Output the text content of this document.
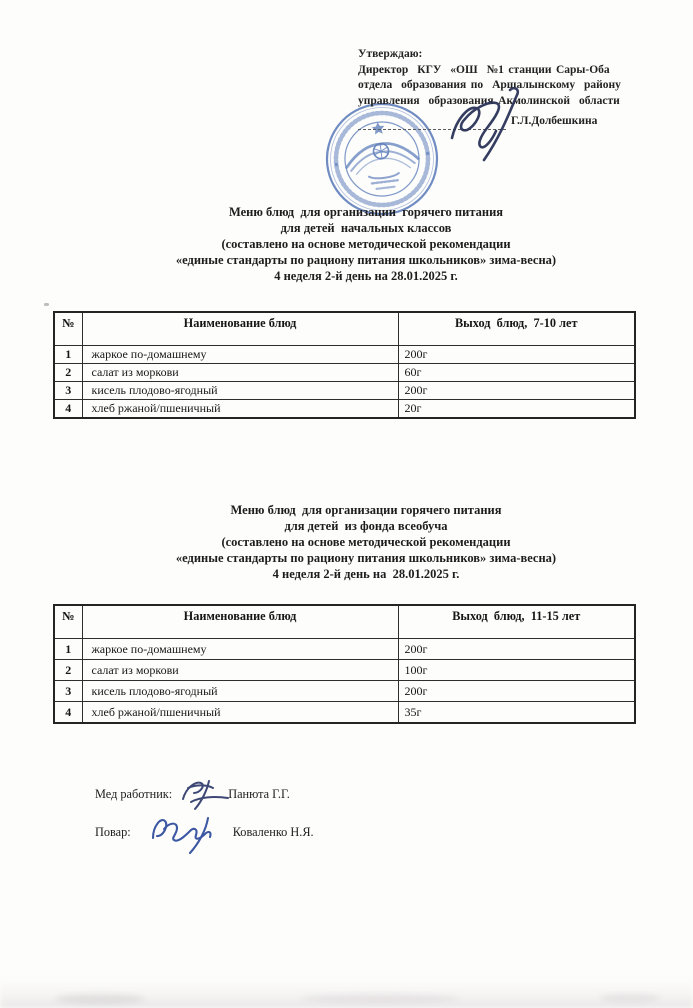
Утверждаю:
Директор  КГУ  «ОШ  №1 станции Сары-Оба
отдела  образования по  Аршалынскому  району
управления  образования Акмолинской  области
Г.Л.Долбешкина
Меню блюд  для организации  горячего питания
для детей  начальных классов
(составлено на основе методической рекомендации
«единые стандарты по рациону питания школьников» зима-весна)
4 неделя 2-й день на 28.01.2025 г.
№	Наименование блюд	Выход  блюд,  7-10 лет
1	жаркое по-домашнему	200г
2	салат из моркови	60г
3	кисель плодово-ягодный	200г
4	хлеб ржаной/пшеничный	20г
Меню блюд  для организации горячего питания
для детей  из фонда всеобуча
(составлено на основе методической рекомендации
«единые стандарты по рациону питания школьников» зима-весна)
4 неделя 2-й день на  28.01.2025 г.
№	Наименование блюд	Выход  блюд,  11-15 лет
1	жаркое по-домашнему	200г
2	салат из моркови	100г
3	кисель плодово-ягодный	200г
4	хлеб ржаной/пшеничный	35г
Мед работник:	Панюта Г.Г.
Повар:	Коваленко Н.Я.
